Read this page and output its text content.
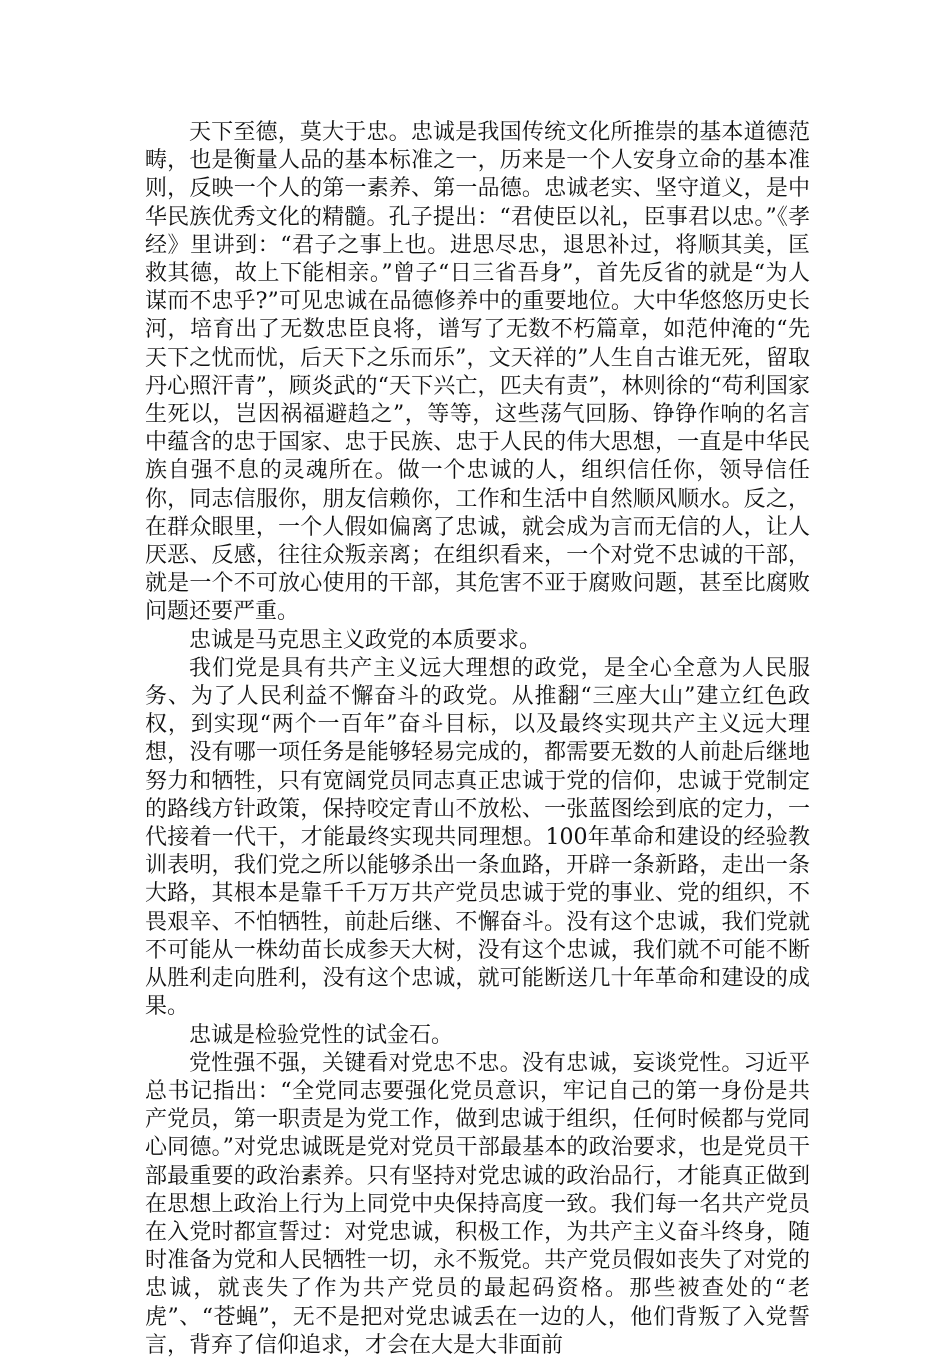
天下至德，莫大于忠。忠诚是我国传统文化所推崇的基本道德范畴，也是衡量人品的基本标准之一，历来是一个人安身立命的基本准则，反映一个人的第一素养、第一品德。忠诚老实、坚守道义，是中华民族优秀文化的精髓。孔子提出：“君使臣以礼，臣事君以忠。”《孝经》里讲到：“君子之事上也。进思尽忠，退思补过，将顺其美，匡救其德，故上下能相亲。”曾子“日三省吾身”，首先反省的就是“为人谋而不忠乎?”可见忠诚在品德修养中的重要地位。大中华悠悠历史长河，培育出了无数忠臣良将，谱写了无数不朽篇章，如范仲淹的“先天下之忧而忧，后天下之乐而乐”，文天祥的”人生自古谁无死，留取丹心照汗青”，顾炎武的“天下兴亡，匹夫有责”，林则徐的“苟利国家生死以，岂因祸福避趋之”，等等，这些荡气回肠、铮铮作响的名言中蕴含的忠于国家、忠于民族、忠于人民的伟大思想，一直是中华民族自强不息的灵魂所在。做一个忠诚的人，组织信任你，领导信任你，同志信服你，朋友信赖你，工作和生活中自然顺风顺水。反之，在群众眼里，一个人假如偏离了忠诚，就会成为言而无信的人，让人厌恶、反感，往往众叛亲离；在组织看来，一个对党不忠诚的干部，就是一个不可放心使用的干部，其危害不亚于腐败问题，甚至比腐败问题还要严重。

忠诚是马克思主义政党的本质要求。

我们党是具有共产主义远大理想的政党，是全心全意为人民服务、为了人民利益不懈奋斗的政党。从推翻“三座大山”建立红色政权，到实现“两个一百年”奋斗目标，以及最终实现共产主义远大理想，没有哪一项任务是能够轻易完成的，都需要无数的人前赴后继地努力和牺牲，只有宽阔党员同志真正忠诚于党的信仰，忠诚于党制定的路线方针政策，保持咬定青山不放松、一张蓝图绘到底的定力，一代接着一代干，才能最终实现共同理想。100年革命和建设的经验教训表明，我们党之所以能够杀出一条血路，开辟一条新路，走出一条大路，其根本是靠千千万万共产党员忠诚于党的事业、党的组织，不畏艰辛、不怕牺牲，前赴后继、不懈奋斗。没有这个忠诚，我们党就不可能从一株幼苗长成参天大树，没有这个忠诚，我们就不可能不断从胜利走向胜利，没有这个忠诚，就可能断送几十年革命和建设的成果。

忠诚是检验党性的试金石。

党性强不强，关键看对党忠不忠。没有忠诚，妄谈党性。习近平总书记指出：“全党同志要强化党员意识，牢记自己的第一身份是共产党员，第一职责是为党工作，做到忠诚于组织，任何时候都与党同心同德。”对党忠诚既是党对党员干部最基本的政治要求，也是党员干部最重要的政治素养。只有坚持对党忠诚的政治品行，才能真正做到在思想上政治上行为上同党中央保持高度一致。我们每一名共产党员在入党时都宣誓过：对党忠诚，积极工作，为共产主义奋斗终身，随时准备为党和人民牺牲一切，永不叛党。共产党员假如丧失了对党的忠诚，就丧失了作为共产党员的最起码资格。那些被查处的“老虎”、“苍蝇”，无不是把对党忠诚丢在一边的人，他们背叛了入党誓言，背弃了信仰追求，才会在大是大非面前
